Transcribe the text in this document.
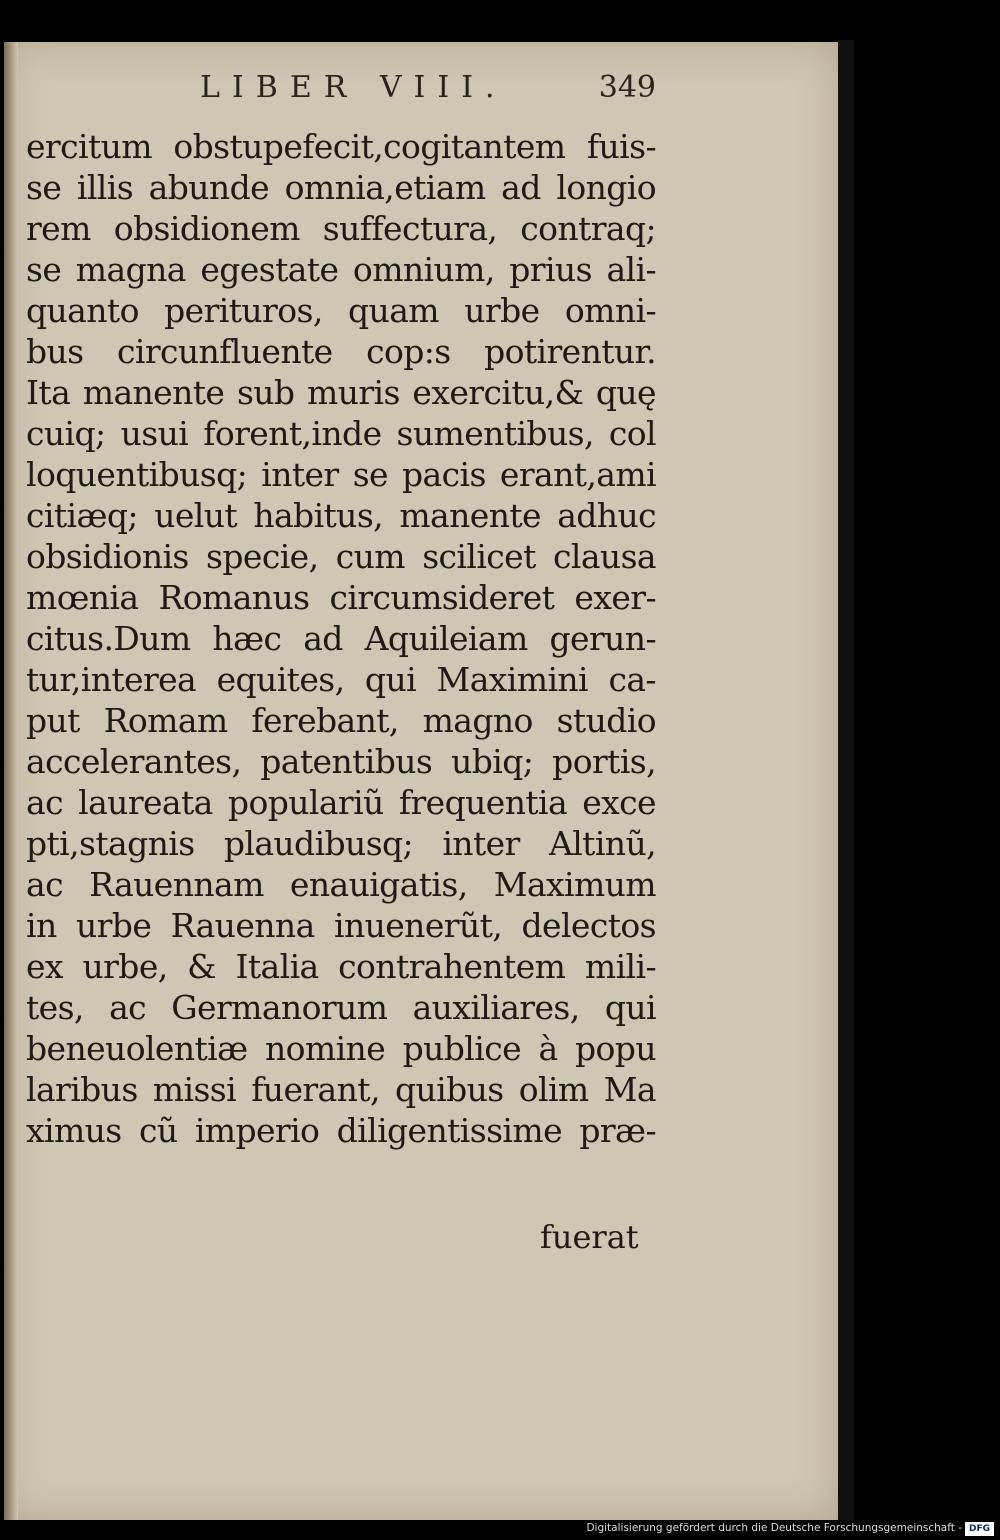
LIBER VIII.	349
ercitum obstupefecit,cogitantem fuis-
se illis abunde omnia,etiam ad longio
rem obsidionem suffectura, contraq;
se magna egestate omnium, prius ali-
quanto perituros, quam urbe omni-
bus circunfluente cop:s potirentur.
Ita manente sub muris exercitu,& quę
cuiq; usui forent,inde sumentibus, col
loquentibusq; inter se pacis erant,ami
citiæq; uelut habitus, manente adhuc
obsidionis specie, cum scilicet clausa
mœnia Romanus circumsideret exer-
citus.Dum hæc ad Aquileiam gerun-
tur,interea equites, qui Maximini ca-
put Romam ferebant, magno studio
accelerantes, patentibus ubiq; portis,
ac laureata populariũ frequentia exce
pti,stagnis plaudibusq; inter Altinũ,
ac Rauennam enauigatis, Maximum
in urbe Rauenna inuenerũt, delectos
ex urbe, & Italia contrahentem mili-
tes, ac Germanorum auxiliares, qui
beneuolentiæ nomine publice à popu
laribus missi fuerant, quibus olim Ma
ximus cũ imperio diligentissime præ-
fuerat
Digitalisierung gefördert durch die Deutsche Forschungsgemeinschaft - DFG
